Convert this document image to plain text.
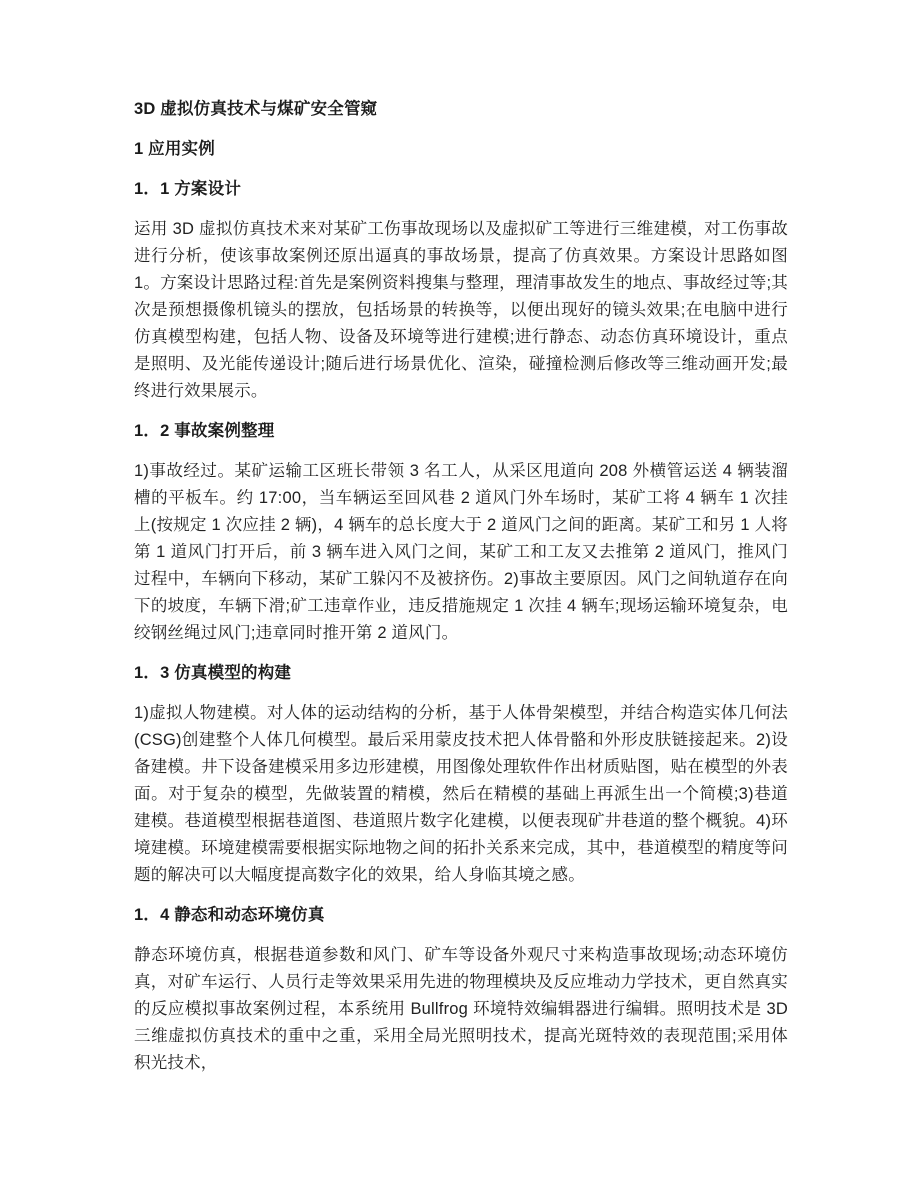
3D 虚拟仿真技术与煤矿安全管窥
1 应用实例
1．1 方案设计

运用 3D 虚拟仿真技术来对某矿工伤事故现场以及虚拟矿工等进行三维建模，对工伤事故进行分析，使该事故案例还原出逼真的事故场景，提高了仿真效果。方案设计思路如图 1。方案设计思路过程:首先是案例资料搜集与整理，理清事故发生的地点、事故经过等;其次是预想摄像机镜头的摆放，包括场景的转换等，以便出现好的镜头效果;在电脑中进行仿真模型构建，包括人物、设备及环境等进行建模;进行静态、动态仿真环境设计，重点是照明、及光能传递设计;随后进行场景优化、渲染，碰撞检测后修改等三维动画开发;最终进行效果展示。

1．2 事故案例整理

1)事故经过。某矿运输工区班长带领 3 名工人，从采区甩道向 208 外横管运送 4 辆装溜槽的平板车。约 17:00，当车辆运至回风巷 2 道风门外车场时，某矿工将 4 辆车 1 次挂上(按规定 1 次应挂 2 辆)，4 辆车的总长度大于 2 道风门之间的距离。某矿工和另 1 人将第 1 道风门打开后，前 3 辆车进入风门之间，某矿工和工友又去推第 2 道风门，推风门过程中，车辆向下移动，某矿工躲闪不及被挤伤。2)事故主要原因。风门之间轨道存在向下的坡度，车辆下滑;矿工违章作业，违反措施规定 1 次挂 4 辆车;现场运输环境复杂，电绞钢丝绳过风门;违章同时推开第 2 道风门。

1．3 仿真模型的构建

1)虚拟人物建模。对人体的运动结构的分析，基于人体骨架模型，并结合构造实体几何法(CSG)创建整个人体几何模型。最后采用蒙皮技术把人体骨骼和外形皮肤链接起来。2)设备建模。井下设备建模采用多边形建模，用图像处理软件作出材质贴图，贴在模型的外表面。对于复杂的模型，先做装置的精模，然后在精模的基础上再派生出一个简模;3)巷道建模。巷道模型根据巷道图、巷道照片数字化建模，以便表现矿井巷道的整个概貌。4)环境建模。环境建模需要根据实际地物之间的拓扑关系来完成，其中，巷道模型的精度等问题的解决可以大幅度提高数字化的效果，给人身临其境之感。

1．4 静态和动态环境仿真

静态环境仿真，根据巷道参数和风门、矿车等设备外观尺寸来构造事故现场;动态环境仿真，对矿车运行、人员行走等效果采用先进的物理模块及反应堆动力学技术，更自然真实的反应模拟事故案例过程，本系统用 Bullfrog 环境特效编辑器进行编辑。照明技术是 3D 三维虚拟仿真技术的重中之重，采用全局光照明技术，提高光斑特效的表现范围;采用体积光技术，
